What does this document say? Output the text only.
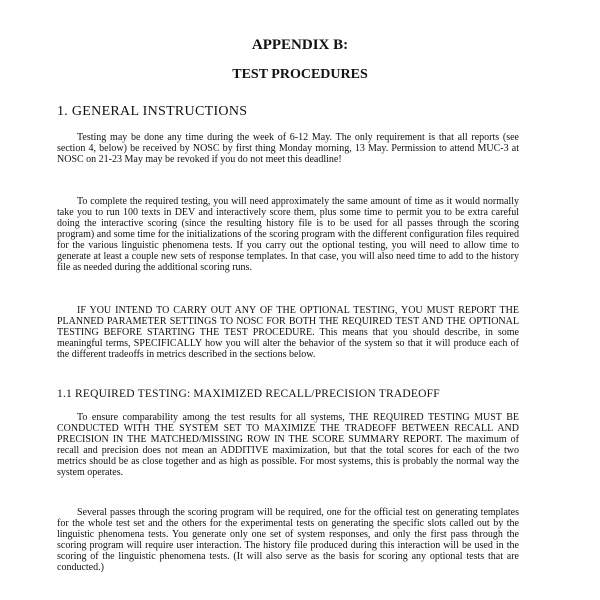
APPENDIX B:
TEST PROCEDURES
1. GENERAL INSTRUCTIONS

Testing may be done any time during the week of 6-12 May. The only requirement is that all reports (see section 4, below) be received by NOSC by first thing Monday morning, 13 May. Permission to attend MUC-3 at NOSC on 21-23 May may be revoked if you do not meet this deadline!

To complete the required testing, you will need approximately the same amount of time as it would normally take you to run 100 texts in DEV and interactively score them, plus some time to permit you to be extra careful doing the interactive scoring (since the resulting history file is to be used for all passes through the scoring program) and some time for the initializations of the scoring program with the different configuration files required for the various linguistic phenomena tests. If you carry out the optional testing, you will need to allow time to generate at least a couple new sets of response templates. In that case, you will also need time to add to the history file as needed during the additional scoring runs.

IF YOU INTEND TO CARRY OUT ANY OF THE OPTIONAL TESTING, YOU MUST REPORT THE PLANNED PARAMETER SETTINGS TO NOSC FOR BOTH THE REQUIRED TEST AND THE OPTIONAL TESTING BEFORE STARTING THE TEST PROCEDURE. This means that you should describe, in some meaningful terms, SPECIFICALLY how you will alter the behavior of the system so that it will produce each of the different tradeoffs in metrics described in the sections below.

1.1 REQUIRED TESTING: MAXIMIZED RECALL/PRECISION TRADEOFF

To ensure comparability among the test results for all systems, THE REQUIRED TESTING MUST BE CONDUCTED WITH THE SYSTEM SET TO MAXIMIZE THE TRADEOFF BETWEEN RECALL AND PRECISION IN THE MATCHED/MISSING ROW IN THE SCORE SUMMARY REPORT. The maximum of recall and precision does not mean an ADDITIVE maximization, but that the total scores for each of the two metrics should be as close together and as high as possible. For most systems, this is probably the normal way the system operates.

Several passes through the scoring program will be required, one for the official test on generating templates for the whole test set and the others for the experimental tests on generating the specific slots called out by the linguistic phenomena tests. You generate only one set of system responses, and only the first pass through the scoring program will require user interaction. The history file produced during this interaction will be used in the scoring of the linguistic phenomena tests. (It will also serve as the basis for scoring any optional tests that are conducted.)
